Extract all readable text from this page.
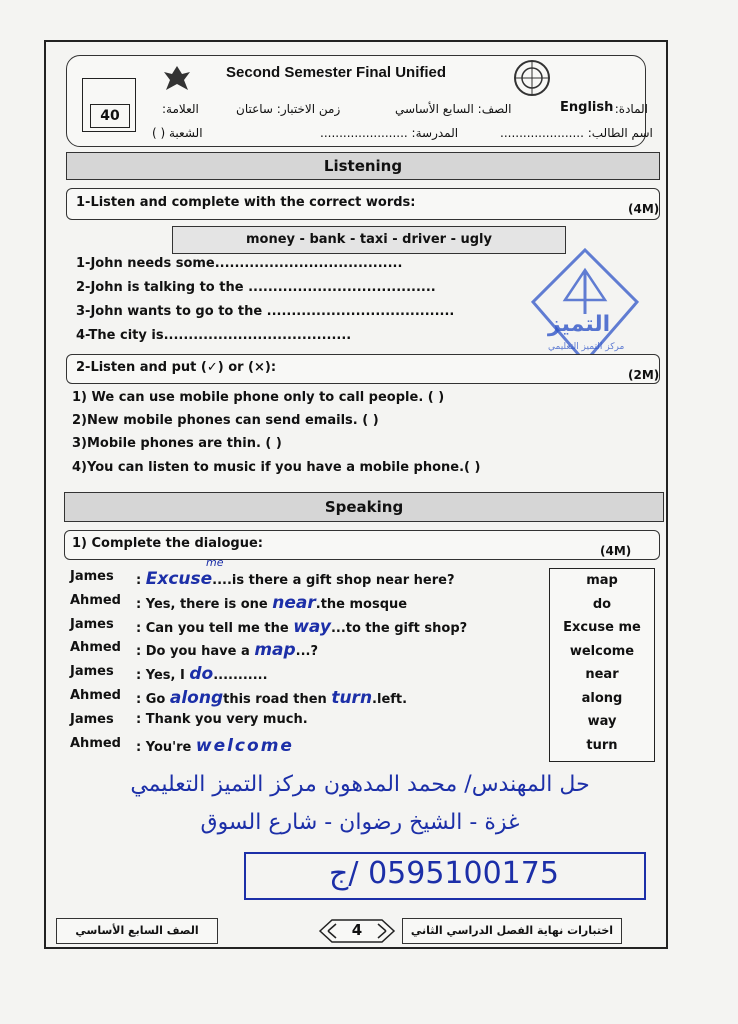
40
Second Semester Final Unified
المادة:
English
الصف: السابع الأساسي
زمن الاختبار: ساعتان
العلامة:
اسم الطالب: ......................
المدرسة: .......................
الشعبة ( )
Listening
1-Listen and complete with the correct words:	(4M)
money - bank - taxi - driver - ugly
1-John needs some......................................
2-John is talking to the ......................................
3-John wants to go to the ......................................
4-The city is......................................	التميز
مركز التميز التعليمي
2-Listen and put (✓) or (×):	(2M)
1) We can use mobile phone only to call people. ( )
2)New mobile phones can send emails. ( )
3)Mobile phones are thin. ( )
4)You can listen to music if you have a mobile phone.( )
Speaking
1) Complete the dialogue:	(4M)
James : Excuse....is there a gift shop near here?
me
Ahmed : Yes, there is one near.the mosque
James : Can you tell me the way...to the gift shop?
Ahmed : Do you have a map...?
James : Yes, I do...........
Ahmed : Go alongthis road then turn.left.
James : Thank you very much.
Ahmed : You're welcome
map
do
Excuse me
welcome
near
along
way
turn
حل المهندس/ محمد المدهون مركز التميز التعليمي
غزة - الشيخ رضوان - شارع السوق
0595100175 /ج
الصف السابع الأساسي	4	اختبارات نهاية الفصل الدراسي الثاني
